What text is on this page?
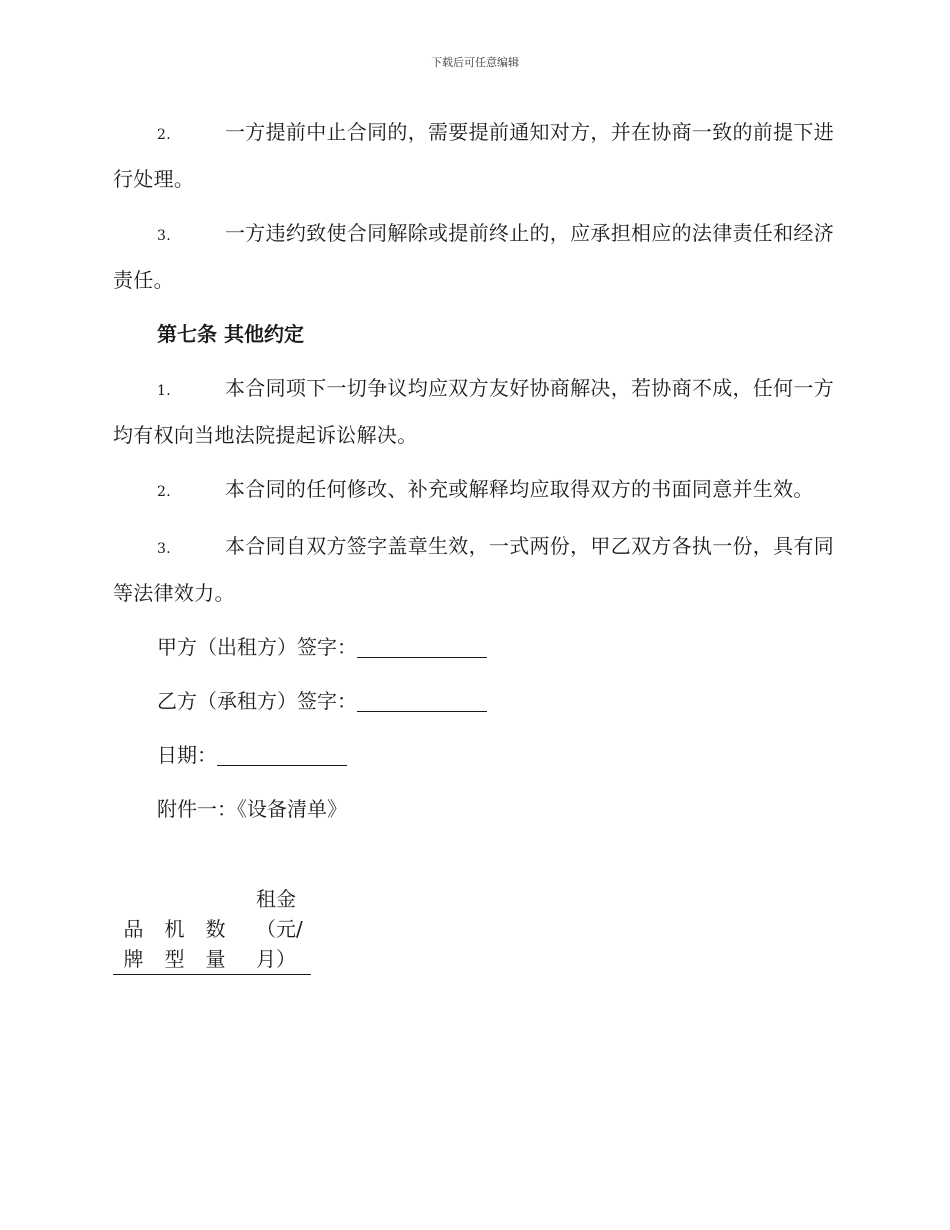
下载后可任意编辑
2.	一方提前中止合同的，需要提前通知对方，并在协商一致的前提下进行处理。
3.	一方违约致使合同解除或提前终止的，应承担相应的法律责任和经济责任。
第七条 其他约定
1.	本合同项下一切争议均应双方友好协商解决，若协商不成，任何一方均有权向当地法院提起诉讼解决。
2.	本合同的任何修改、补充或解释均应取得双方的书面同意并生效。
3.	本合同自双方签字盖章生效，一式两份，甲乙双方各执一份，具有同等法律效力。
甲方（出租方）签字：
乙方（承租方）签字：
日期：
附件一：《设备清单》
品牌	机型	数量	租金（元/月）
